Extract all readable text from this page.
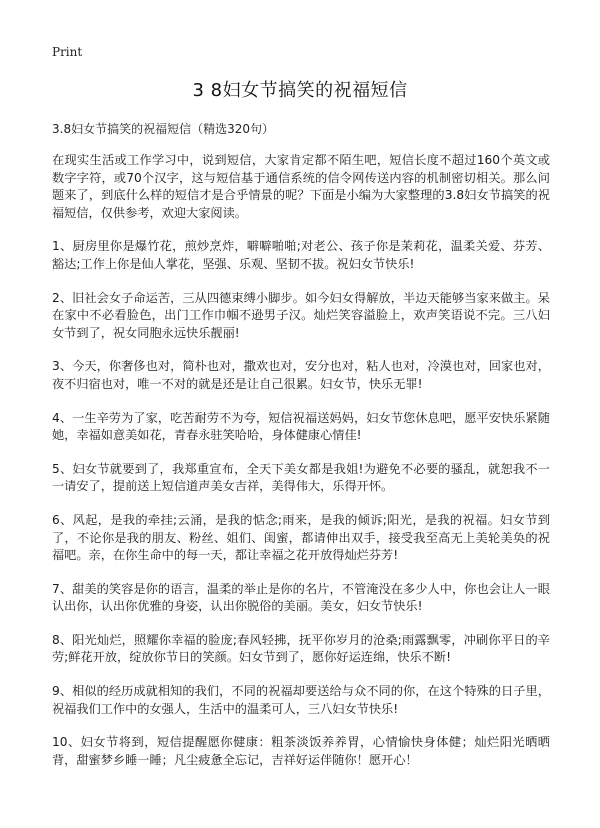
Print
3 8妇女节搞笑的祝福短信
3.8妇女节搞笑的祝福短信（精选320句）

在现实生活或工作学习中，说到短信，大家肯定都不陌生吧，短信长度不超过160个英文或数字字符，或70个汉字，这与短信基于通信系统的信令网传送内容的机制密切相关。那么问题来了，到底什么样的短信才是合乎情景的呢？下面是小编为大家整理的3.8妇女节搞笑的祝福短信，仅供参考，欢迎大家阅读。

1、厨房里你是爆竹花，煎炒烹炸，噼噼啪啪;对老公、孩子你是茉莉花，温柔关爱、芬芳、豁达;工作上你是仙人掌花，坚强、乐观、坚韧不拔。祝妇女节快乐!

2、旧社会女子命运苦，三从四德束缚小脚步。如今妇女得解放，半边天能够当家来做主。呆在家中不必看脸色，出门工作巾帼不逊男子汉。灿烂笑容溢脸上，欢声笑语说不完。三八妇女节到了，祝女同胞永远快乐靓丽!

3、今天，你奢侈也对，简朴也对，撒欢也对，安分也对，粘人也对，冷漠也对，回家也对，夜不归宿也对，唯一不对的就是还是让自己很累。妇女节，快乐无罪!

4、一生辛劳为了家，吃苦耐劳不为夸，短信祝福送妈妈，妇女节您休息吧，愿平安快乐紧随她，幸福如意美如花，青春永驻笑哈哈，身体健康心情佳!

5、妇女节就要到了，我郑重宣布，全天下美女都是我姐!为避免不必要的骚乱，就恕我不一一请安了，提前送上短信道声美女吉祥，美得伟大，乐得开怀。

6、风起，是我的牵挂;云涌，是我的惦念;雨来，是我的倾诉;阳光，是我的祝福。妇女节到了，不论你是我的朋友、粉丝、姐们、闺蜜，都请伸出双手，接受我至高无上美轮美奂的祝福吧。亲，在你生命中的每一天，都让幸福之花开放得灿烂芬芳!

7、甜美的笑容是你的语言，温柔的举止是你的名片，不管淹没在多少人中，你也会让人一眼认出你，认出你优雅的身姿，认出你脱俗的美丽。美女，妇女节快乐!

8、阳光灿烂，照耀你幸福的脸庞;春风轻拂，抚平你岁月的沧桑;雨露飘零，冲刷你平日的辛劳;鲜花开放，绽放你节日的笑颜。妇女节到了，愿你好运连绵，快乐不断!

9、相似的经历成就相知的我们，不同的祝福却要送给与众不同的你，在这个特殊的日子里，祝福我们工作中的女强人，生活中的温柔可人，三八妇女节快乐!

10、妇女节将到，短信提醒愿你健康：粗茶淡饭养养胃，心情愉快身体健；灿烂阳光晒晒背，甜蜜梦乡睡一睡；凡尘疲惫全忘记，吉祥好运伴随你！愿开心！
